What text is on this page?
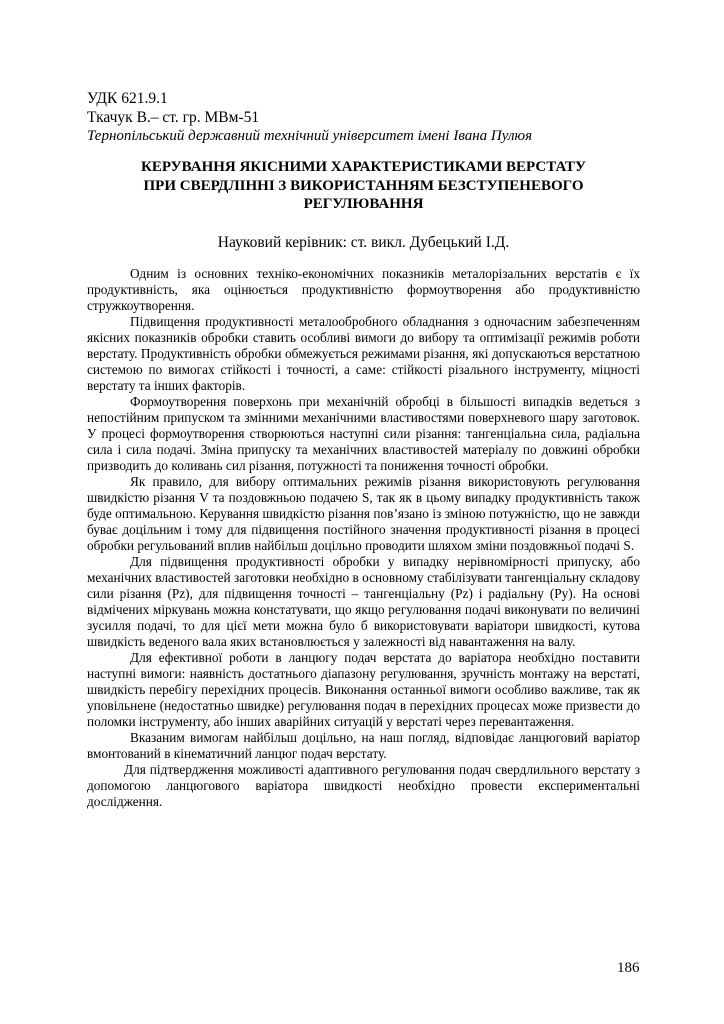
УДК 621.9.1
Ткачук В.– ст. гр. МВм-51
Тернопільський державний технічний університет імені Івана Пулюя
КЕРУВАННЯ ЯКІСНИМИ ХАРАКТЕРИСТИКАМИ ВЕРСТАТУ
ПРИ СВЕРДЛІННІ З ВИКОРИСТАННЯМ БЕЗСТУПЕНЕВОГО
РЕГУЛЮВАННЯ
Науковий керівник: ст. викл. Дубецький І.Д.

Одним із основних техніко-економічних показників металорізальних верстатів є їх продуктивність, яка оцінюється продуктивністю формоутворення або продуктивністю стружкоутворення.

Підвищення продуктивності металообробного обладнання з одночасним забезпеченням якісних показників обробки ставить особливі вимоги до вибору та оптимізації режимів роботи верстату. Продуктивність обробки обмежується режимами різання, які допускаються верстатною системою по вимогах стійкості і точності, а саме: стійкості різального інструменту, міцності верстату та інших факторів.

Формоутворення поверхонь при механічній обробці в більшості випадків ведеться з непостійним припуском та змінними механічними властивостями поверхневого шару заготовок. У процесі формоутворення створюються наступні сили різання: тангенціальна сила, радіальна сила і сила подачі. Зміна припуску та механічних властивостей матеріалу по довжині обробки призводить до коливань сил різання, потужності та пониження точності обробки.

Як правило, для вибору оптимальних режимів різання використовують регулювання швидкістю різання V та поздовжньою подачею S, так як в цьому випадку продуктивність також буде оптимальною. Керування швидкістю різання пов’язано із зміною потужністю, що не завжди буває доцільним і тому для підвищення постійного значення продуктивності різання в процесі обробки регульований вплив найбільш доцільно проводити шляхом зміни поздовжньої подачі S.

Для підвищення продуктивності обробки у випадку нерівномірності припуску, або механічних властивостей заготовки необхідно в основному стабілізувати тангенціальну складову сили різання (Pz), для підвищення точності – тангенціальну (Pz) і радіальну (Py). На основі відмічених міркувань можна констатувати, що якщо регулювання подачі виконувати по величині зусилля подачі, то для цієї мети можна було б використовувати варіатори швидкості, кутова швидкість веденого вала яких встановлюється у залежності від навантаження на валу.

Для ефективної роботи в ланцюгу подач верстата до варіатора необхідно поставити наступні вимоги: наявність достатнього діапазону регулювання, зручність монтажу на верстаті, швидкість перебігу перехідних процесів. Виконання останньої вимоги особливо важливе, так як уповільнене (недостатньо швидке) регулювання подач в перехідних процесах може призвести до поломки інструменту, або інших аварійних ситуацій у верстаті через перевантаження.

Вказаним вимогам найбільш доцільно, на наш погляд, відповідає ланцюговий варіатор вмонтований в кінематичний ланцюг подач верстату.

Для підтвердження можливості адаптивного регулювання подач свердлильного верстату з допомогою ланцюгового варіатора швидкості необхідно провести експериментальні дослідження.

186
